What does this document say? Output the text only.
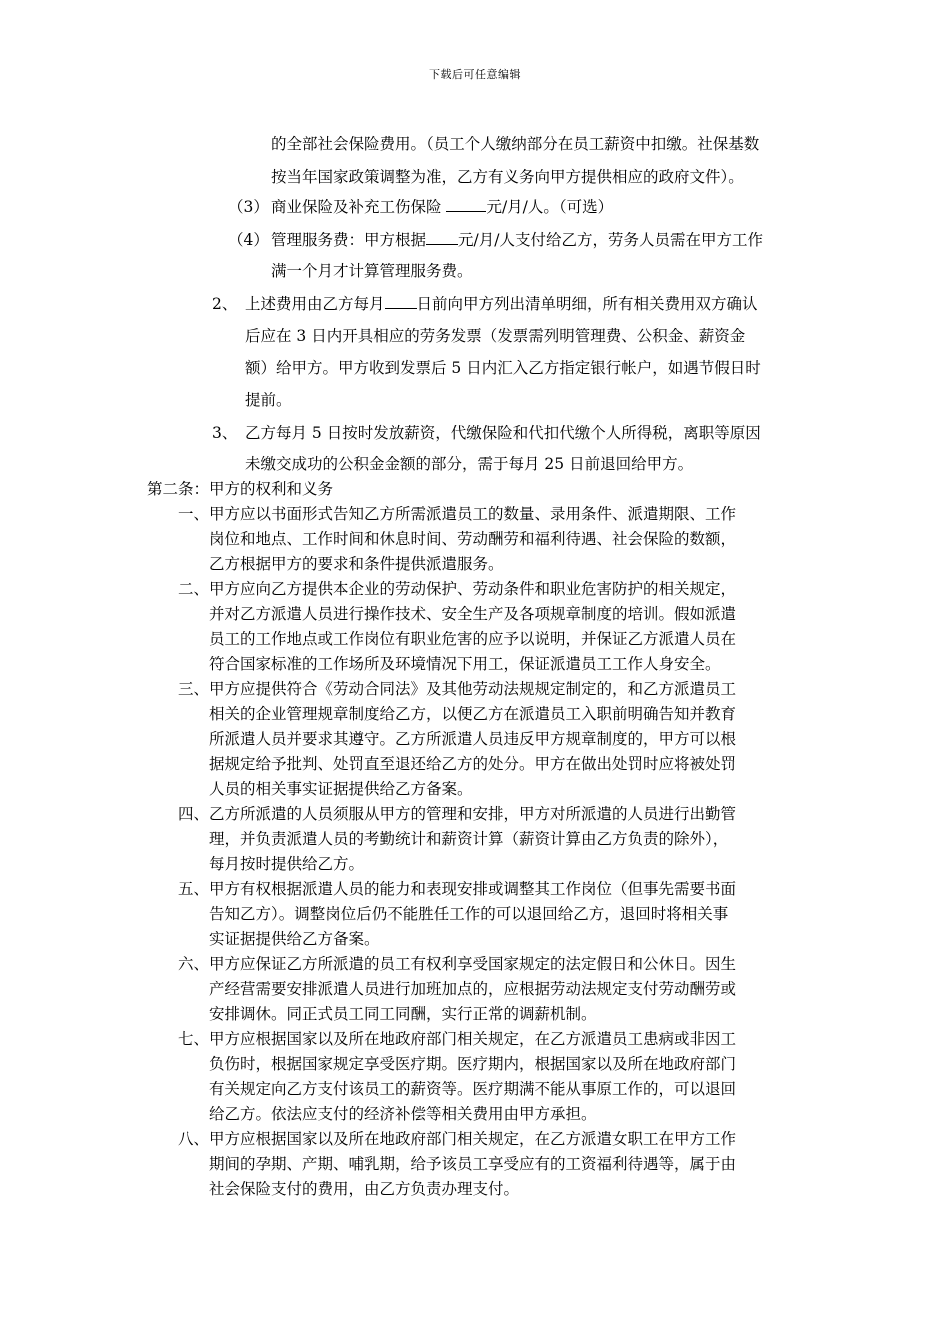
下载后可任意编辑
的全部社会保险费用。（员工个人缴纳部分在员工薪资中扣缴。社保基数
按当年国家政策调整为准，乙方有义务向甲方提供相应的政府文件）。
（3） 商业保险及补充工伤保险	元/月/人。（可选）
（4） 管理服务费：甲方根据 元/月/人支付给乙方，劳务人员需在甲方工作
满一个月才计算管理服务费。
2、 上述费用由乙方每月 日前向甲方列出清单明细，所有相关费用双方确认
后应在 3 日内开具相应的劳务发票（发票需列明管理费、公积金、薪资金
额）给甲方。甲方收到发票后 5 日内汇入乙方指定银行帐户，如遇节假日时
提前。
3、 乙方每月 5 日按时发放薪资，代缴保险和代扣代缴个人所得税，离职等原因
未缴交成功的公积金金额的部分，需于每月 25 日前退回给甲方。
第二条：甲方的权利和义务
一、甲方应以书面形式告知乙方所需派遣员工的数量、录用条件、派遣期限、工作
岗位和地点、工作时间和休息时间、劳动酬劳和福利待遇、社会保险的数额，
乙方根据甲方的要求和条件提供派遣服务。
二、甲方应向乙方提供本企业的劳动保护、劳动条件和职业危害防护的相关规定，
并对乙方派遣人员进行操作技术、安全生产及各项规章制度的培训。假如派遣
员工的工作地点或工作岗位有职业危害的应予以说明，并保证乙方派遣人员在
符合国家标准的工作场所及环境情况下用工，保证派遣员工工作人身安全。
三、甲方应提供符合《劳动合同法》及其他劳动法规规定制定的，和乙方派遣员工
相关的企业管理规章制度给乙方，以便乙方在派遣员工入职前明确告知并教育
所派遣人员并要求其遵守。乙方所派遣人员违反甲方规章制度的，甲方可以根
据规定给予批判、处罚直至退还给乙方的处分。甲方在做出处罚时应将被处罚
人员的相关事实证据提供给乙方备案。
四、乙方所派遣的人员须服从甲方的管理和安排，甲方对所派遣的人员进行出勤管
理，并负责派遣人员的考勤统计和薪资计算（薪资计算由乙方负责的除外），
每月按时提供给乙方。
五、甲方有权根据派遣人员的能力和表现安排或调整其工作岗位（但事先需要书面
告知乙方）。调整岗位后仍不能胜任工作的可以退回给乙方，退回时将相关事
实证据提供给乙方备案。
六、甲方应保证乙方所派遣的员工有权利享受国家规定的法定假日和公休日。因生
产经营需要安排派遣人员进行加班加点的，应根据劳动法规定支付劳动酬劳或
安排调休。同正式员工同工同酬，实行正常的调薪机制。
七、甲方应根据国家以及所在地政府部门相关规定，在乙方派遣员工患病或非因工
负伤时，根据国家规定享受医疗期。医疗期内，根据国家以及所在地政府部门
有关规定向乙方支付该员工的薪资等。医疗期满不能从事原工作的，可以退回
给乙方。依法应支付的经济补偿等相关费用由甲方承担。
八、甲方应根据国家以及所在地政府部门相关规定，在乙方派遣女职工在甲方工作
期间的孕期、产期、哺乳期，给予该员工享受应有的工资福利待遇等，属于由
社会保险支付的费用，由乙方负责办理支付。
